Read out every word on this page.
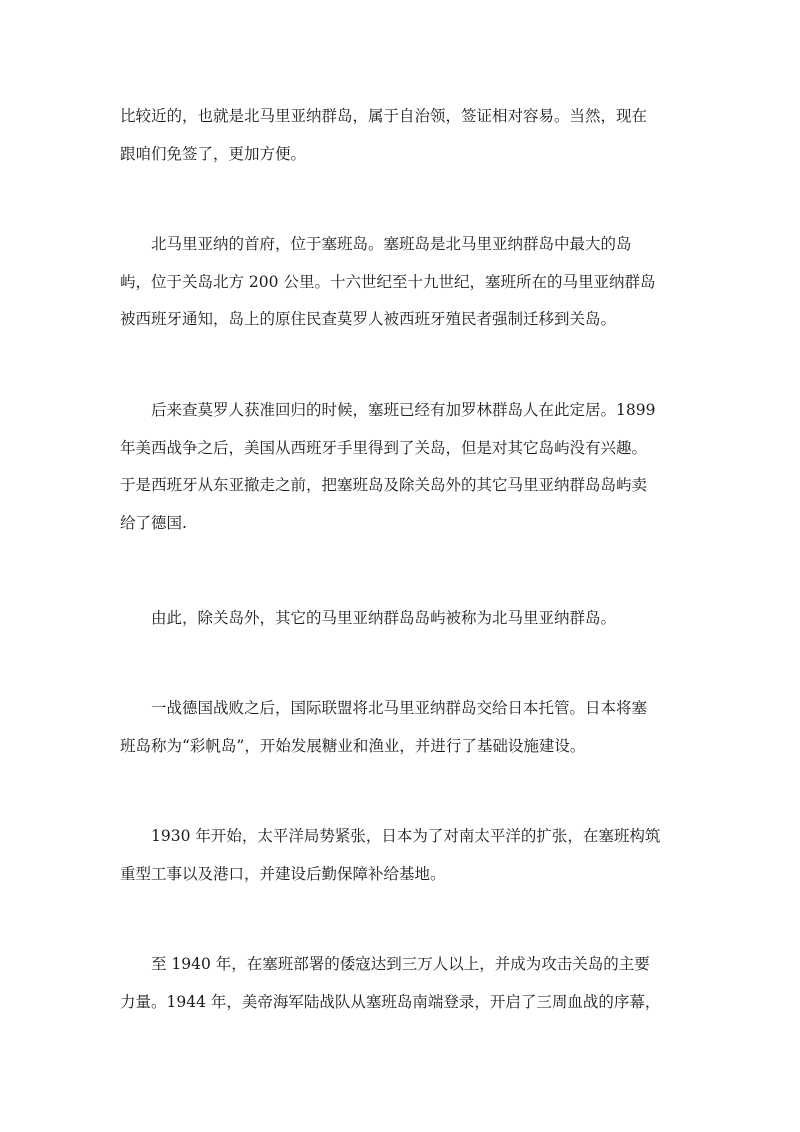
比较近的，也就是北马里亚纳群岛，属于自治领，签证相对容易。当然，现在
跟咱们免签了，更加方便。
北马里亚纳的首府，位于塞班岛。塞班岛是北马里亚纳群岛中最大的岛
屿，位于关岛北方 200 公里。十六世纪至十九世纪，塞班所在的马里亚纳群岛
被西班牙通知，岛上的原住民查莫罗人被西班牙殖民者强制迁移到关岛。
后来查莫罗人获准回归的时候，塞班已经有加罗林群岛人在此定居。1899
年美西战争之后，美国从西班牙手里得到了关岛，但是对其它岛屿没有兴趣。
于是西班牙从东亚撤走之前，把塞班岛及除关岛外的其它马里亚纳群岛岛屿卖
给了德国.
由此，除关岛外，其它的马里亚纳群岛岛屿被称为北马里亚纳群岛。
一战德国战败之后，国际联盟将北马里亚纳群岛交给日本托管。日本将塞
班岛称为“彩帆岛”，开始发展糖业和渔业，并进行了基础设施建设。
1930 年开始，太平洋局势紧张，日本为了对南太平洋的扩张，在塞班构筑
重型工事以及港口，并建设后勤保障补给基地。
至 1940 年，在塞班部署的倭寇达到三万人以上，并成为攻击关岛的主要
力量。1944 年，美帝海军陆战队从塞班岛南端登录，开启了三周血战的序幕，
